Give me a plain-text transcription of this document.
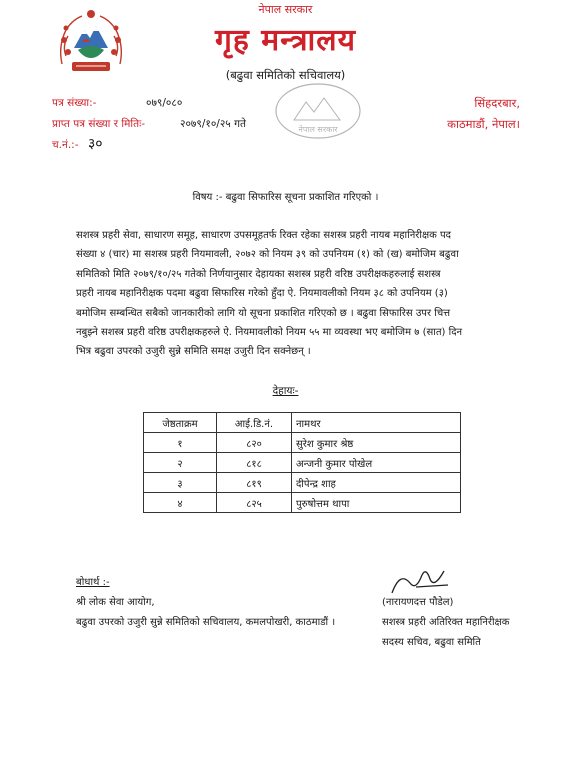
नेपाल सरकार
गृह मन्त्रालय
(बढुवा समितिको सचिवालय)
पत्र संख्या:-	०७९/०८०
प्राप्त पत्र संख्या र मितिः-	२०७९/१०/२५ गते
च.नं.:- ३०
सिंहदरबार,
काठमाडौं, नेपाल।
नेपाल सरकार
विषय :- बढुवा सिफारिस सूचना प्रकाशित गरिएको ।
सशस्त्र प्रहरी सेवा, साधारण समूह, साधारण उपसमूहतर्फ रिक्त रहेका सशस्त्र प्रहरी नायब महानिरीक्षक पद
संख्या ४ (चार) मा सशस्त्र प्रहरी नियमावली, २०७२ को नियम ३९ को उपनियम (१) को (ख) बमोजिम बढुवा
समितिको मिति २०७९/१०/२५ गतेको निर्णयानुसार देहायका सशस्त्र प्रहरी वरिष्ठ उपरीक्षकहरुलाई सशस्त्र
प्रहरी नायब महानिरीक्षक पदमा बढुवा सिफारिस गरेको हुँदा ऐ. नियमावलीको नियम ३८ को उपनियम (३)
बमोजिम सम्बन्धित सबैको जानकारीको लागि यो सूचना प्रकाशित गरिएको छ । बढुवा सिफारिस उपर चित्त
नबुझ्ने सशस्त्र प्रहरी वरिष्ठ उपरीक्षकहरुले ऐ. नियमावलीको नियम ५५ मा व्यवस्था भए बमोजिम ७ (सात) दिन
भित्र बढुवा उपरको उजुरी सुन्ने समिति समक्ष उजुरी दिन सक्नेछन् ।
देहायः-
जेष्ठताक्रम	आई.डि.नं.	नामथर
१	८२०	सुरेश कुमार श्रेष्ठ
२	८१८	अन्जनी कुमार पोखेल
३	८१९	दीपेन्द्र शाह
४	८२५	पुरुषोत्तम थापा
बोधार्थ :-
श्री लोक सेवा आयोग,
बढुवा उपरको उजुरी सुन्ने समितिको सचिवालय, कमलपोखरी, काठमाडौं ।
(नारायणदत्त पौडेल)
सशस्त्र प्रहरी अतिरिक्त महानिरीक्षक
सदस्य सचिव, बढुवा समिति
